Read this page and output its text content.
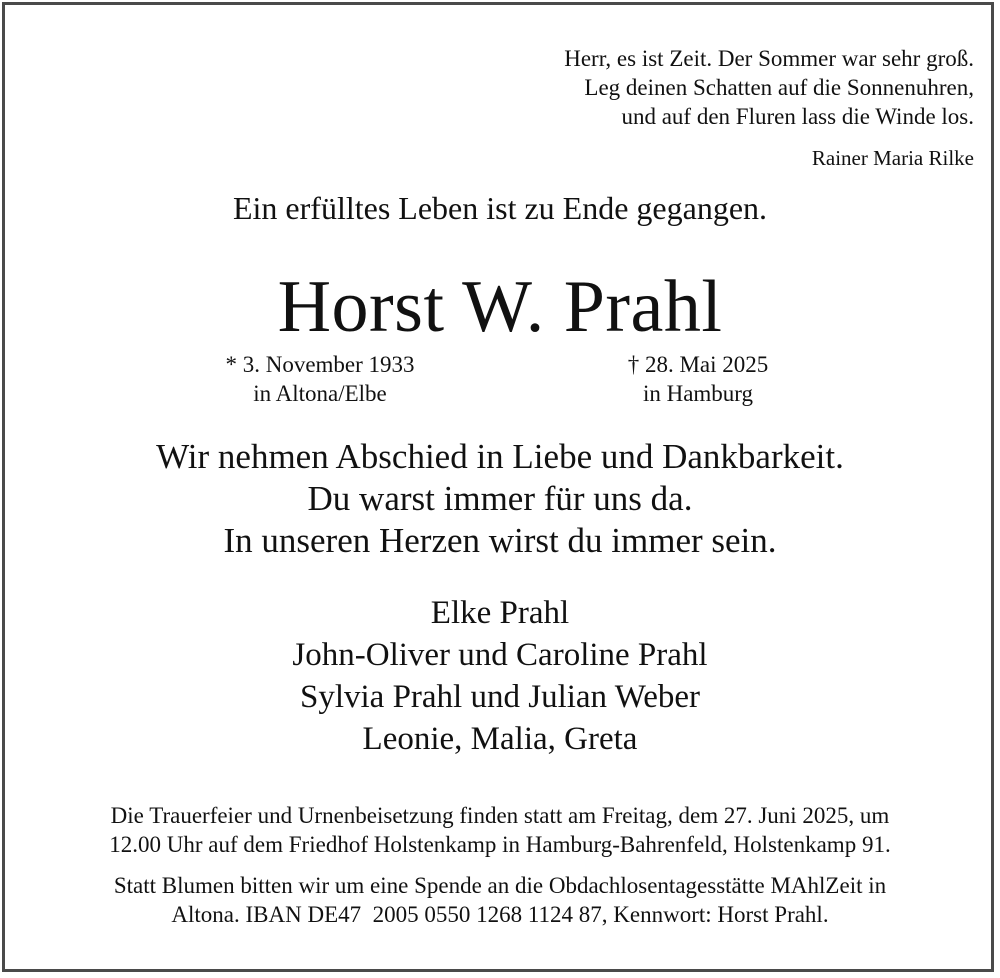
Herr, es ist Zeit. Der Sommer war sehr groß.
Leg deinen Schatten auf die Sonnenuhren,
und auf den Fluren lass die Winde los.
Rainer Maria Rilke
Ein erfülltes Leben ist zu Ende gegangen.
Horst W. Prahl
* 3. November 1933
in Altona/Elbe
† 28. Mai 2025
in Hamburg
Wir nehmen Abschied in Liebe und Dankbarkeit.
Du warst immer für uns da.
In unseren Herzen wirst du immer sein.
Elke Prahl
John-Oliver und Caroline Prahl
Sylvia Prahl und Julian Weber
Leonie, Malia, Greta
Die Trauerfeier und Urnenbeisetzung finden statt am Freitag, dem 27. Juni 2025, um
12.00 Uhr auf dem Friedhof Holstenkamp in Hamburg-Bahrenfeld, Holstenkamp 91.
Statt Blumen bitten wir um eine Spende an die Obdachlosentagesstätte MAhlZeit in
Altona. IBAN DE47  2005 0550 1268 1124 87, Kennwort: Horst Prahl.
